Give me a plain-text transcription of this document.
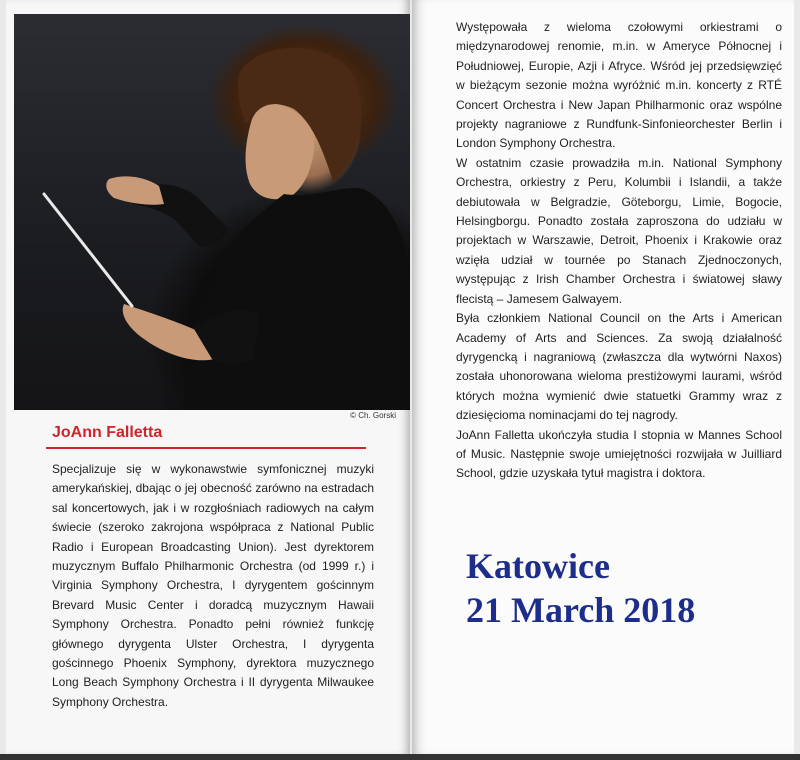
© Ch. Gorski
JoAnn Falletta

Specjalizuje się w wykonawstwie symfonicznej muzyki amerykańskiej, dbając o jej obecność zarówno na estradach sal koncertowych, jak i w rozgłośniach radiowych na całym świecie (szeroko zakrojona współpraca z National Public Radio i European Broadcasting Union). Jest dyrektorem muzycznym Buffalo Philharmonic Orchestra (od 1999 r.) i Virginia Symphony Orchestra, I dyrygentem gościnnym Brevard Music Center i doradcą muzycznym Hawaii Symphony Orchestra. Ponadto pełni również funkcję głównego dyrygenta Ulster Orchestra, I dyrygenta gościnnego Phoenix Symphony, dyrektora muzycznego Long Beach Symphony Orchestra i II dyrygenta Milwaukee Symphony Orchestra.

Występowała z wieloma czołowymi orkiestrami o międzynarodowej renomie, m.in. w Ameryce Północnej i Południowej, Europie, Azji i Afryce. Wśród jej przedsięwzięć w bieżącym sezonie można wyróżnić m.in. koncerty z RTÉ Concert Orchestra i New Japan Philharmonic oraz wspólne projekty nagraniowe z Rundfunk-Sinfonieorchester Berlin i London Symphony Orchestra.

W ostatnim czasie prowadziła m.in. National Symphony Orchestra, orkiestry z Peru, Kolumbii i Islandii, a także debiutowała w Belgradzie, Göteborgu, Limie, Bogocie, Helsingborgu. Ponadto została zaproszona do udziału w projektach w Warszawie, Detroit, Phoenix i Krakowie oraz wzięła udział w tournée po Stanach Zjednoczonych, występując z Irish Chamber Orchestra i światowej sławy flecistą – Jamesem Galwayem.

Była członkiem National Council on the Arts i American Academy of Arts and Sciences. Za swoją działalność dyrygencką i nagraniową (zwłaszcza dla wytwórni Naxos) została uhonorowana wieloma prestiżowymi laurami, wśród których można wymienić dwie statuetki Grammy wraz z dziesięcioma nominacjami do tej nagrody.

JoAnn Falletta ukończyła studia I stopnia w Mannes School of Music. Następnie swoje umiejętności rozwijała w Juilliard School, gdzie uzyskała tytuł magistra i doktora.

Katowice
21 March 2018
